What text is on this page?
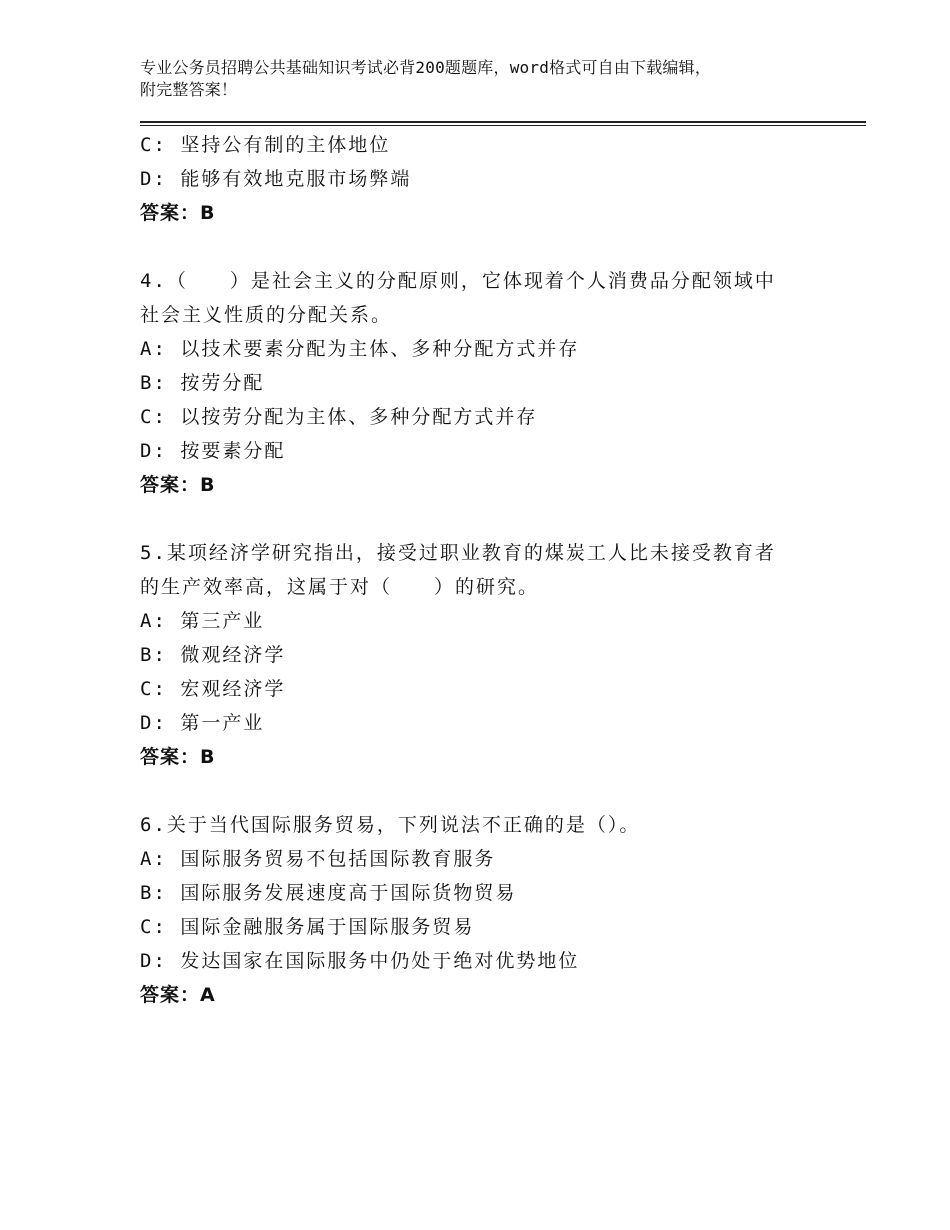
专业公务员招聘公共基础知识考试必背200题题库，word格式可自由下载编辑，
附完整答案！
C: 坚持公有制的主体地位
D: 能够有效地克服市场弊端
答案：B
4.（　　）是社会主义的分配原则，它体现着个人消费品分配领域中
社会主义性质的分配关系。
A: 以技术要素分配为主体、多种分配方式并存
B: 按劳分配
C: 以按劳分配为主体、多种分配方式并存
D: 按要素分配
答案：B
5.某项经济学研究指出，接受过职业教育的煤炭工人比未接受教育者
的生产效率高，这属于对（　　）的研究。
A: 第三产业
B: 微观经济学
C: 宏观经济学
D: 第一产业
答案：B
6.关于当代国际服务贸易，下列说法不正确的是（）。
A: 国际服务贸易不包括国际教育服务
B: 国际服务发展速度高于国际货物贸易
C: 国际金融服务属于国际服务贸易
D: 发达国家在国际服务中仍处于绝对优势地位
答案：A
